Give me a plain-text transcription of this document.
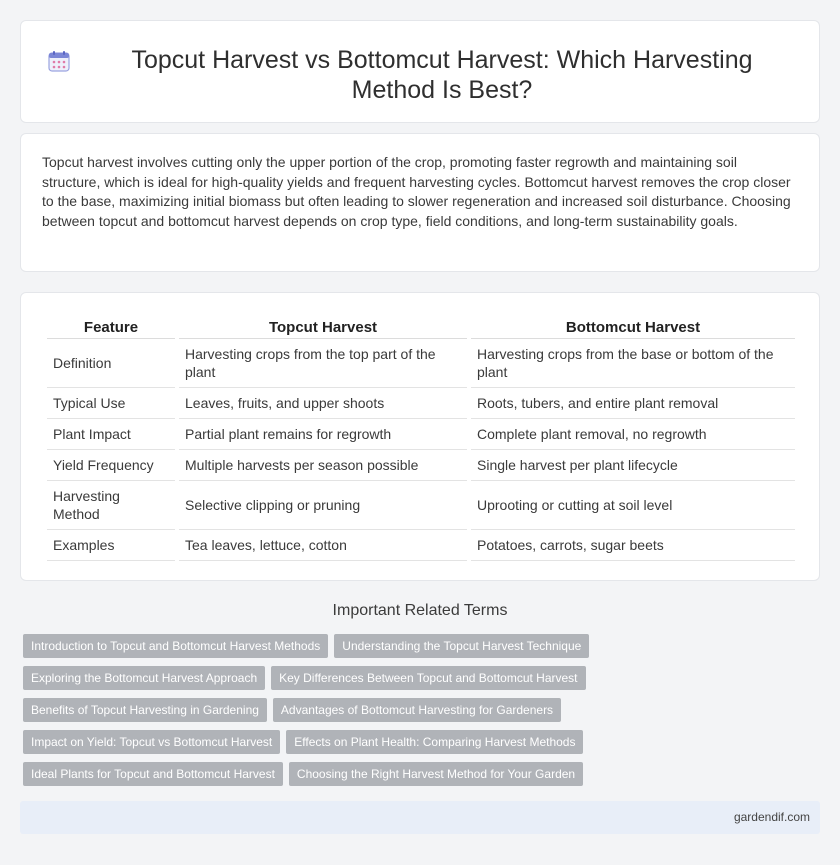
Topcut Harvest vs Bottomcut Harvest: Which Harvesting Method Is Best?

Topcut harvest involves cutting only the upper portion of the crop, promoting faster regrowth and maintaining soil structure, which is ideal for high-quality yields and frequent harvesting cycles. Bottomcut harvest removes the crop closer to the base, maximizing initial biomass but often leading to slower regeneration and increased soil disturbance. Choosing between topcut and bottomcut harvest depends on crop type, field conditions, and long-term sustainability goals.

Feature	Topcut Harvest	Bottomcut Harvest
Definition	Harvesting crops from the top part of the plant	Harvesting crops from the base or bottom of the plant
Typical Use	Leaves, fruits, and upper shoots	Roots, tubers, and entire plant removal
Plant Impact	Partial plant remains for regrowth	Complete plant removal, no regrowth
Yield Frequency	Multiple harvests per season possible	Single harvest per plant lifecycle
Harvesting Method	Selective clipping or pruning	Uprooting or cutting at soil level
Examples	Tea leaves, lettuce, cotton	Potatoes, carrots, sugar beets
Important Related Terms
Introduction to Topcut and Bottomcut Harvest Methods	Understanding the Topcut Harvest Technique
Exploring the Bottomcut Harvest Approach	Key Differences Between Topcut and Bottomcut Harvest
Benefits of Topcut Harvesting in Gardening	Advantages of Bottomcut Harvesting for Gardeners
Impact on Yield: Topcut vs Bottomcut Harvest	Effects on Plant Health: Comparing Harvest Methods
Ideal Plants for Topcut and Bottomcut Harvest	Choosing the Right Harvest Method for Your Garden
gardendif.com
